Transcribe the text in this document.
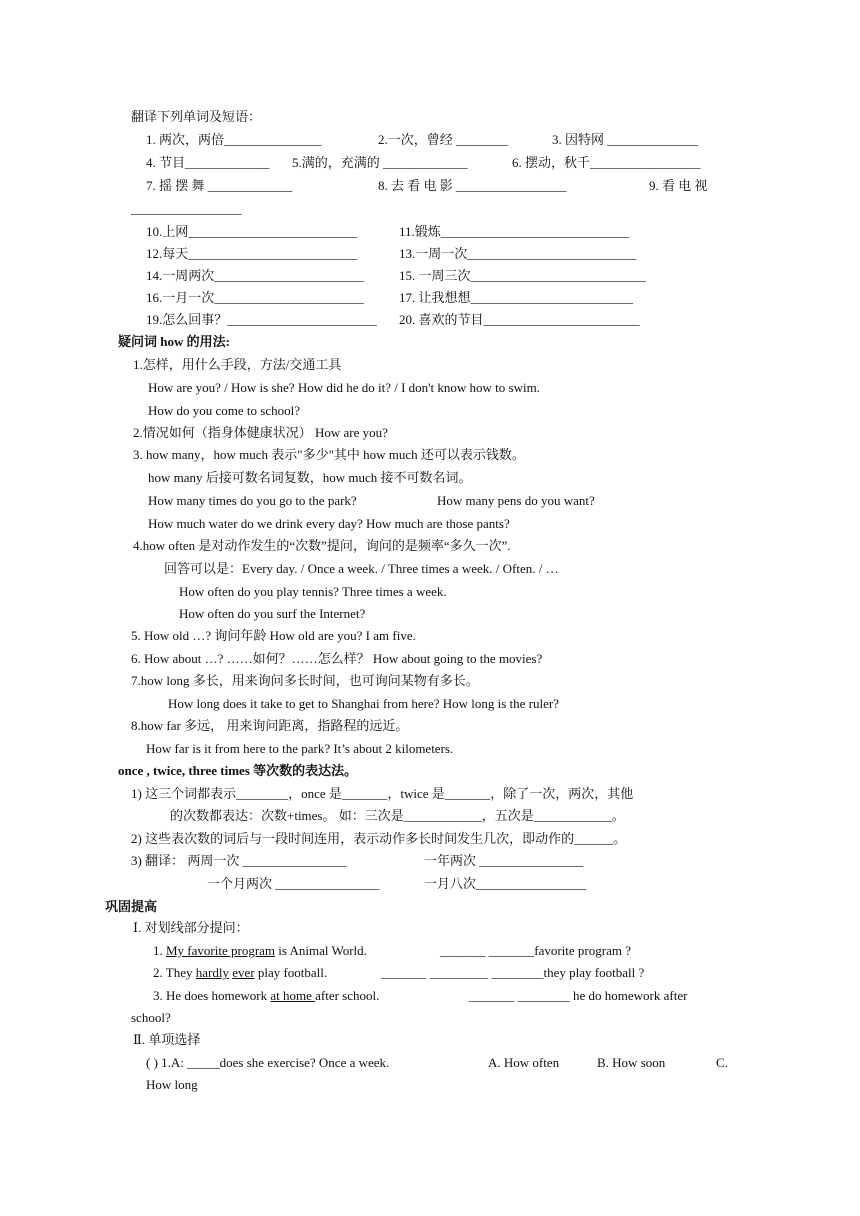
翻译下列单词及短语：
1. 两次，两倍_______________	2.一次，曾经 ________	3. 因特网 ______________
4. 节目_____________ 5.满的，充满的 _____________	6. 摆动，秋千_________________
7. 摇 摆 舞 _____________	8. 去 看 电 影 _________________	9. 看 电 视
_________________
10.上网__________________________	11.锻炼_____________________________
12.每天__________________________	13.一周一次__________________________
14.一周两次_______________________	15. 一周三次___________________________
16.一月一次_______________________	17. 让我想想_________________________
19.怎么回事？_______________________ 20. 喜欢的节目________________________
疑问词 how 的用法:
1.怎样，用什么手段，方法/交通工具
How are you? / How is she? How did he do it? / I don't know how to swim.
How do you come to school?
2.情况如何（指身体健康状况） How are you?
3. how many，how much 表示"多少"其中 how much 还可以表示钱数。
how many 后接可数名词复数，how much 接不可数名词。
How many times do you go to the park?	How many pens do you want?
How much water do we drink every day? How much are those pants?
4.how often 是对动作发生的“次数”提问，询问的是频率“多久一次”.
回答可以是：Every day. / Once a week. / Three times a week. / Often. / …
How often do you play tennis? Three times a week.
How often do you surf the Internet?
5. How old …? 询问年龄 How old are you? I am five.
6. How about …? ……如何？……怎么样？ How about going to the movies?
7.how long 多长，用来询问多长时间，也可询问某物有多长。
How long does it take to get to Shanghai from here? How long is the ruler?
8.how far 多远， 用来询问距离，指路程的远近。
How far is it from here to the park? It’s about 2 kilometers.
once , twice, three times 等次数的表达法。
1) 这三个词都表示________，once 是_______，twice 是_______，除了一次，两次，其他
的次数都表达：次数+times。 如：三次是____________，五次是____________。
2) 这些表次数的词后与一段时间连用，表示动作多长时间发生几次，即动作的______。
3) 翻译： 两周一次 ________________	一年两次 ________________
一个月两次 ________________	一月八次_________________
巩固提高
Ⅰ. 对划线部分提问：
1. My favorite program is Animal World.	_______ _______favorite program ?
2. They hardly ever play football.	_______ _________ ________they play football ?
3. He does homework at home after school.	_______ ________ he do homework after
school?
Ⅱ. 单项选择
( ) 1.A: _____does she exercise? Once a week.	A. How often	B. How soon	C.
How long
